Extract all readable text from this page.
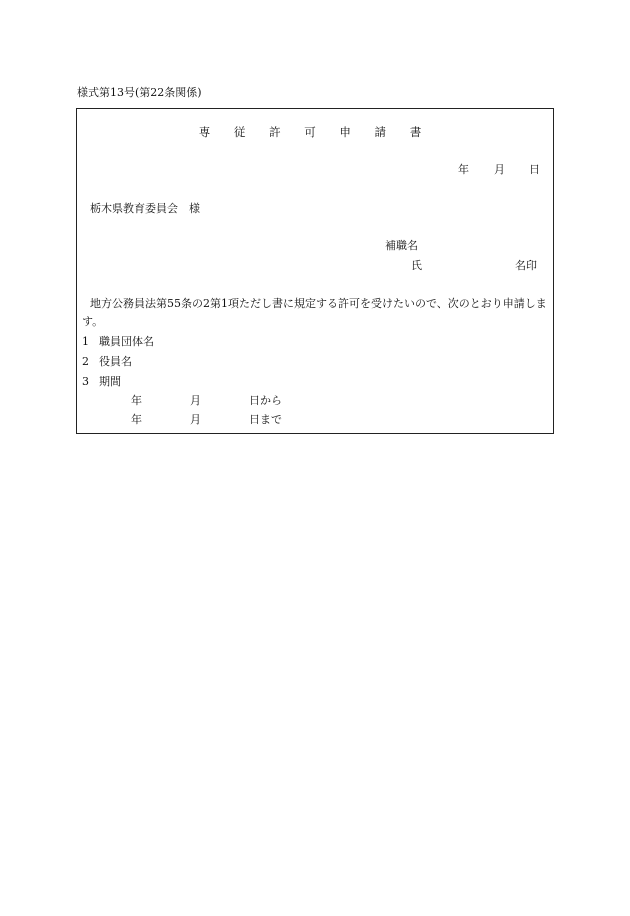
様式第13号(第22条関係)
専 従 許 可 申 請 書
年 月 日
栃木県教育委員会　様
補職名
氏	名印
地方公務員法第55条の2第1項ただし書に規定する許可を受けたいので、次のとおり申請します。
1 職員団体名
2 役員名
3 期間
年	月	日から
年	月	日まで
